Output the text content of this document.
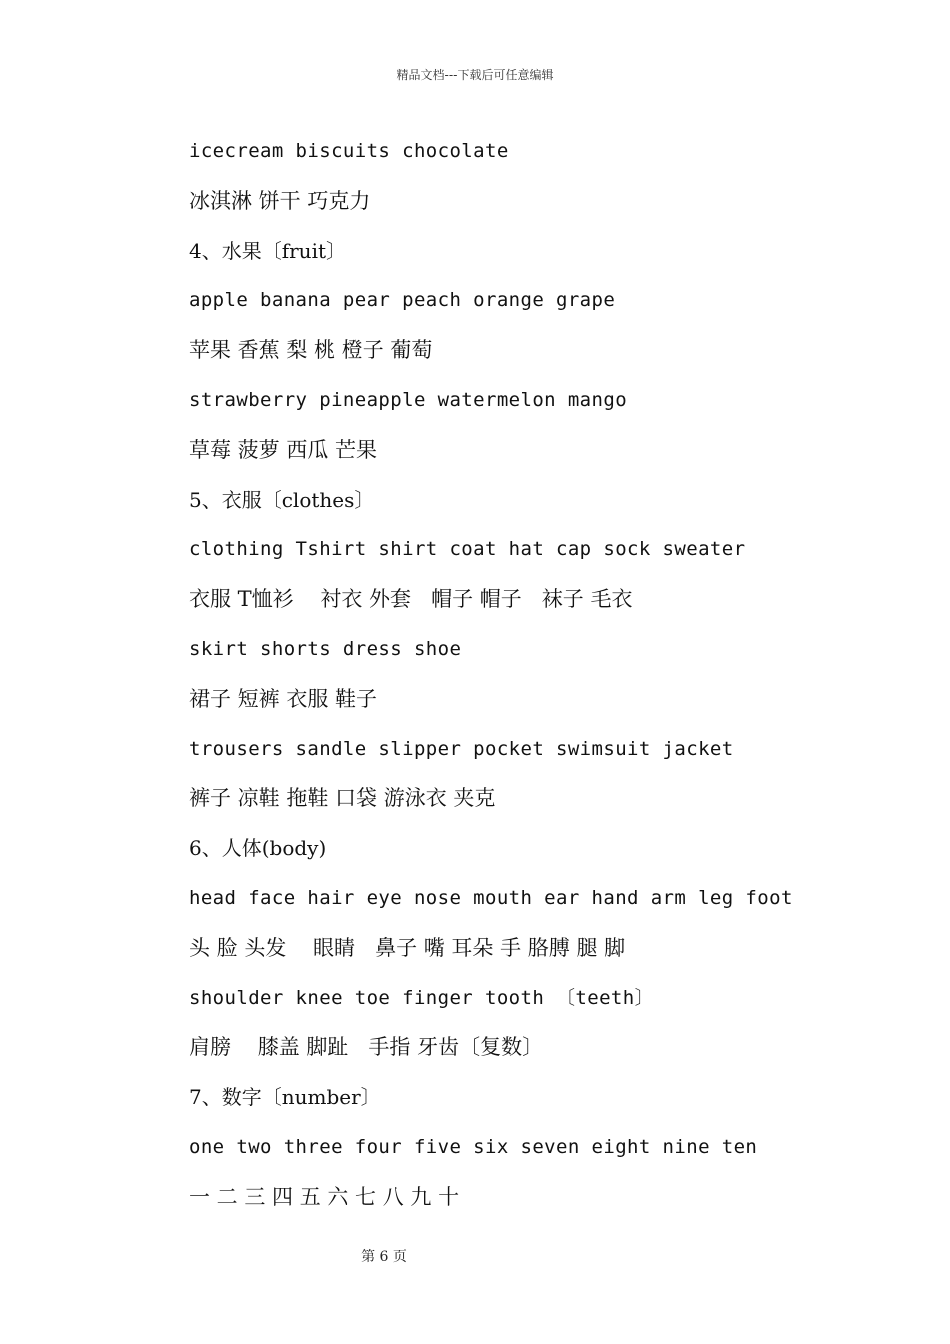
精品文档---下载后可任意编辑
icecream biscuits chocolate
冰淇淋 饼干 巧克力
4、水果〔fruit〕
apple banana pear peach orange grape
苹果 香蕉 梨 桃 橙子 葡萄
strawberry pineapple watermelon mango
草莓 菠萝 西瓜 芒果
5、衣服〔clothes〕
clothing Tshirt shirt coat hat cap sock sweater
衣服 T恤衫    衬衣 外套   帽子 帽子   袜子 毛衣
skirt shorts dress shoe
裙子 短裤 衣服 鞋子
trousers sandle slipper pocket swimsuit jacket
裤子 凉鞋 拖鞋 口袋 游泳衣 夹克
6、人体(body)
head face hair eye nose mouth ear hand arm leg foot
头 脸 头发    眼睛   鼻子 嘴 耳朵 手 胳膊 腿 脚
shoulder knee toe finger tooth 〔teeth〕
肩膀    膝盖 脚趾   手指 牙齿〔复数〕
7、数字〔number〕
one two three four five six seven eight nine ten
一 二 三 四 五 六 七 八 九 十
第 6 页
